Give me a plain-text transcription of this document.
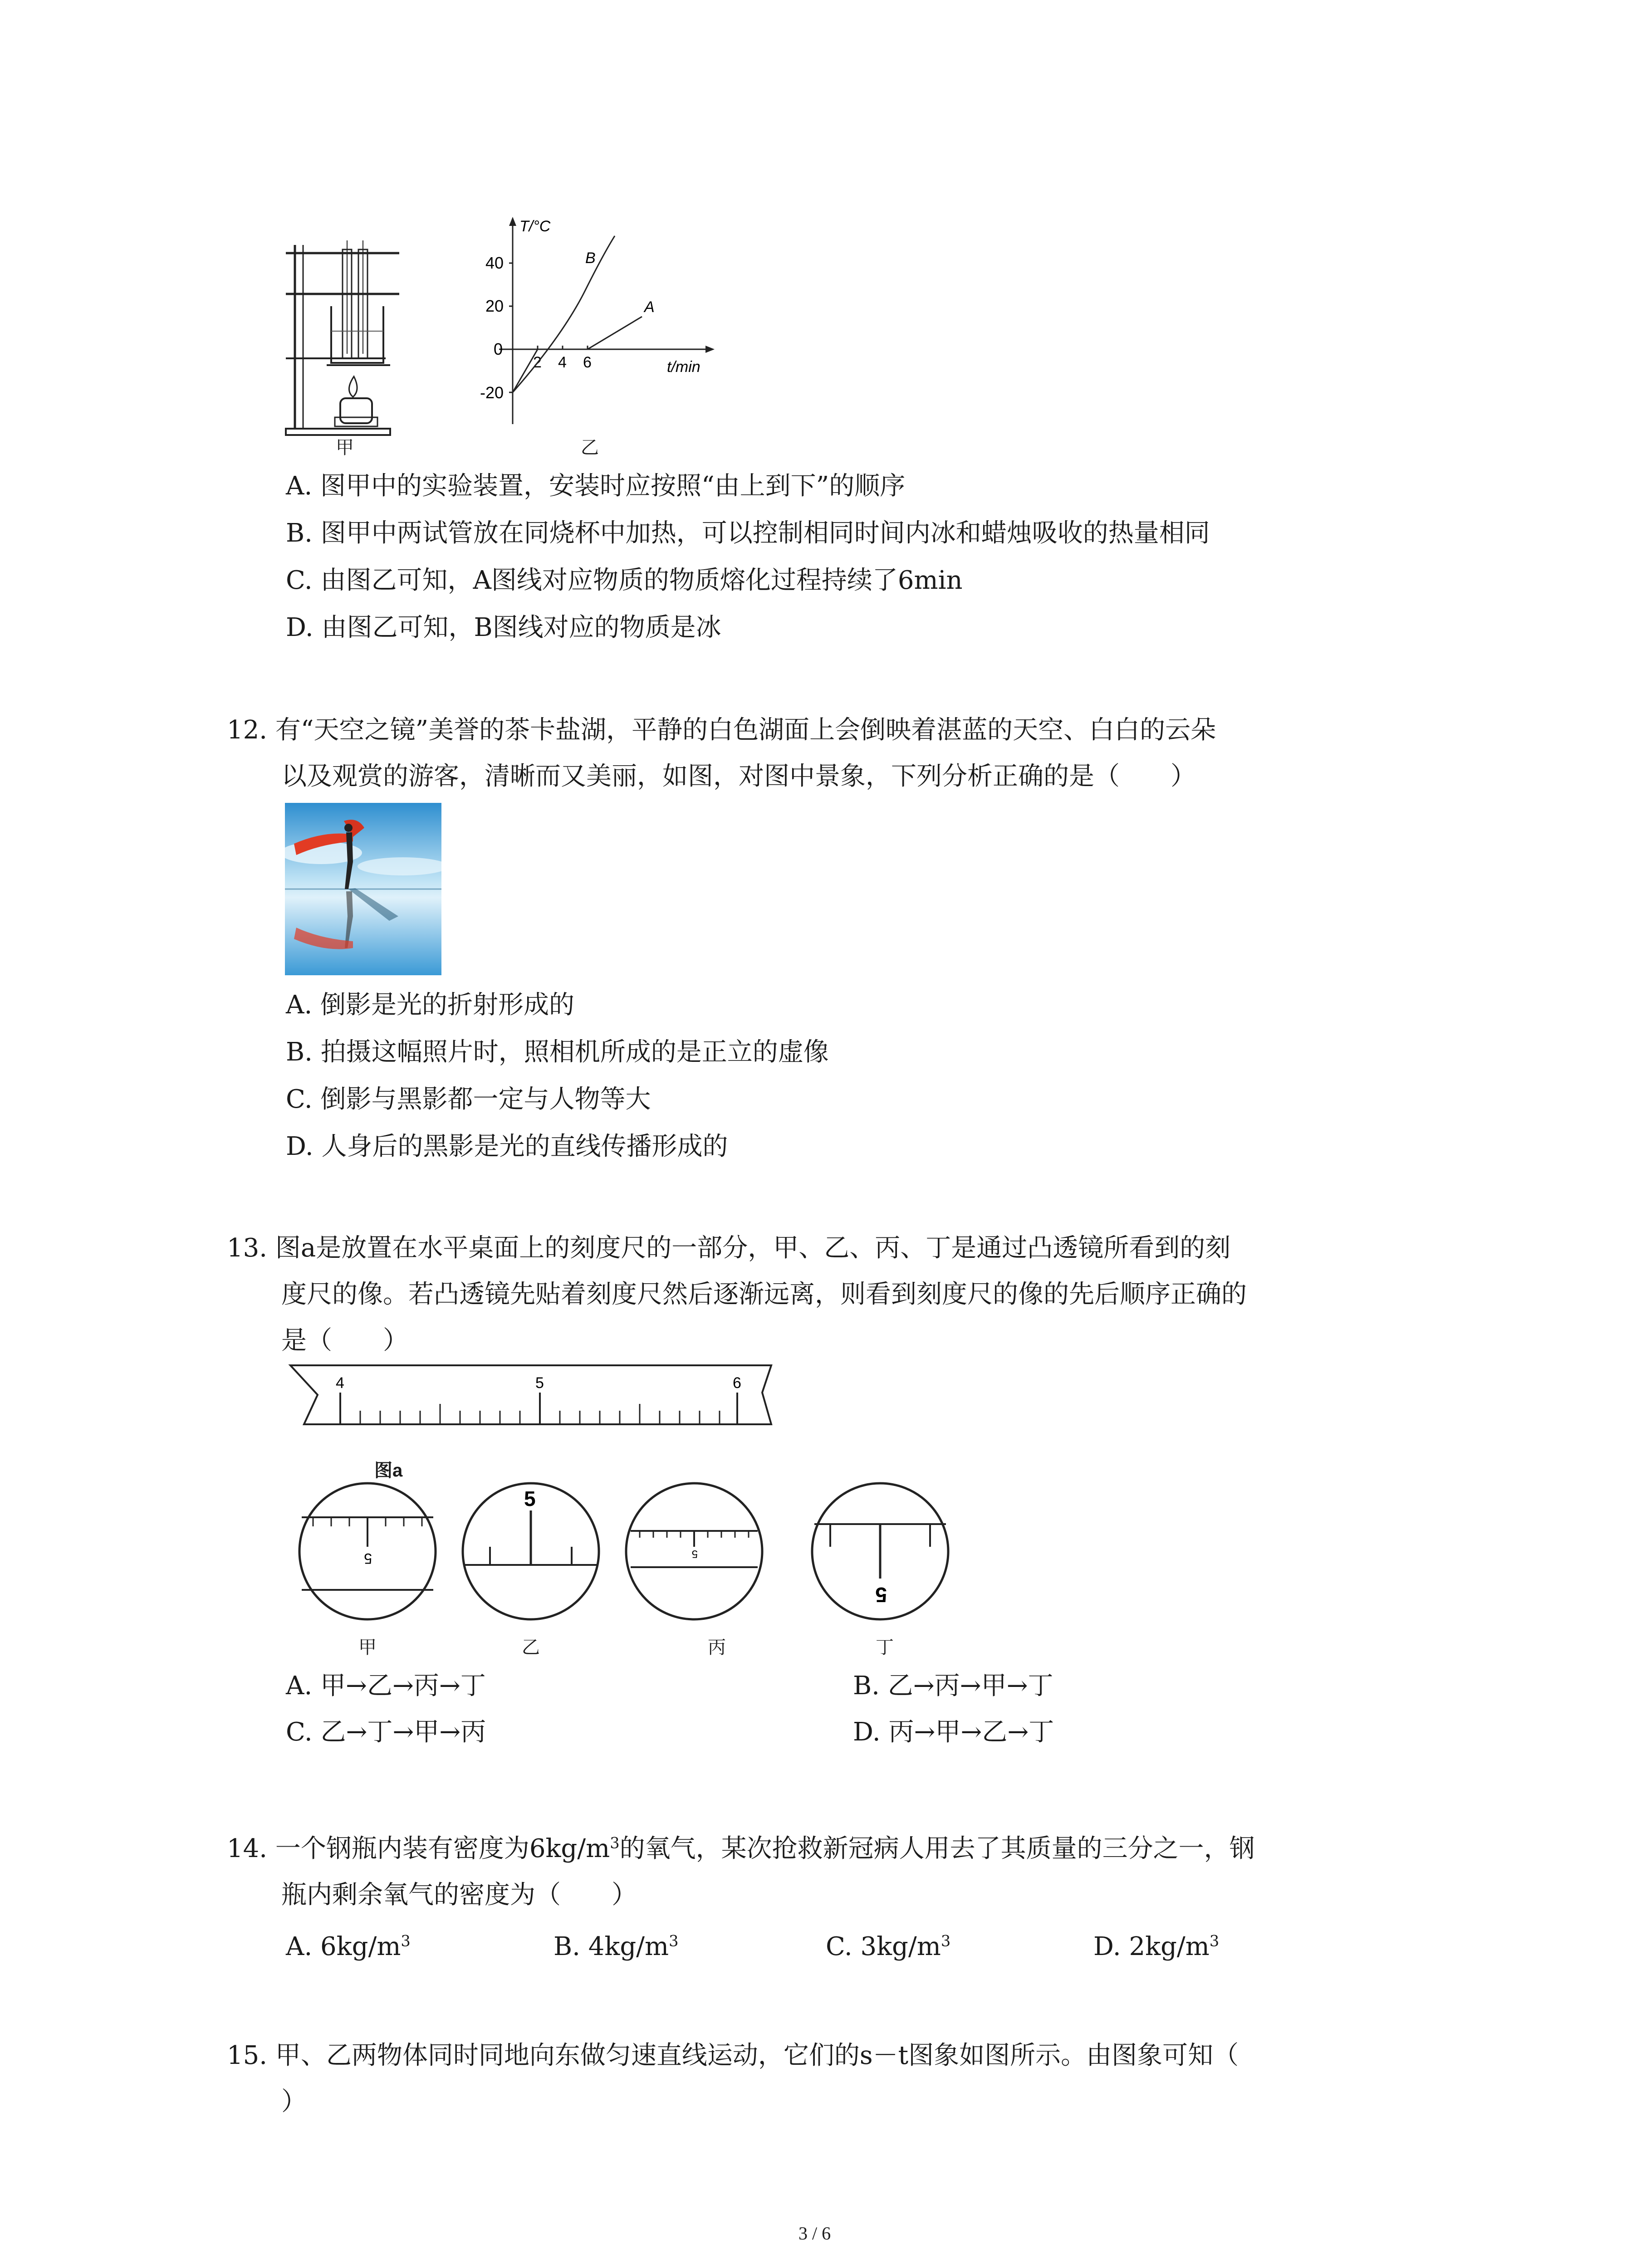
甲
40
20
0
-20
2 4 6
T/°C
t/min
B
A
乙
A. 图甲中的实验装置，安装时应按照“由上到下”的顺序
B. 图甲中两试管放在同烧杯中加热，可以控制相同时间内冰和蜡烛吸收的热量相同
C. 由图乙可知，A图线对应物质的物质熔化过程持续了6min
D. 由图乙可知，B图线对应的物质是冰
12. 有“天空之镜”美誉的茶卡盐湖，平静的白色湖面上会倒映着湛蓝的天空、白白的云朵
以及观赏的游客，清晰而又美丽，如图，对图中景象，下列分析正确的是（　　）
A. 倒影是光的折射形成的
B. 拍摄这幅照片时，照相机所成的是正立的虚像
C. 倒影与黑影都一定与人物等大
D. 人身后的黑影是光的直线传播形成的
13. 图a是放置在水平桌面上的刻度尺的一部分，甲、乙、丙、丁是通过凸透镜所看到的刻
度尺的像。若凸透镜先贴着刻度尺然后逐渐远离，则看到刻度尺的像的先后顺序正确的
是（　　）
4	5	6
图a
5
5
5
5
甲	乙	丙	丁
A. 甲→乙→丙→丁	B. 乙→丙→甲→丁
C. 乙→丁→甲→丙	D. 丙→甲→乙→丁
14. 一个钢瓶内装有密度为$6kg/m^3$的氧气，某次抢救新冠病人用去了其质量的三分之一，钢
瓶内剩余氧气的密度为（　　）
A. $6kg/m^3$	B. $4kg/m^3$	C. $3kg/m^3$	D. $2kg/m^3$
15. 甲、乙两物体同时同地向东做匀速直线运动，它们的s－t图象如图所示。由图象可知（
）
3 / 6
